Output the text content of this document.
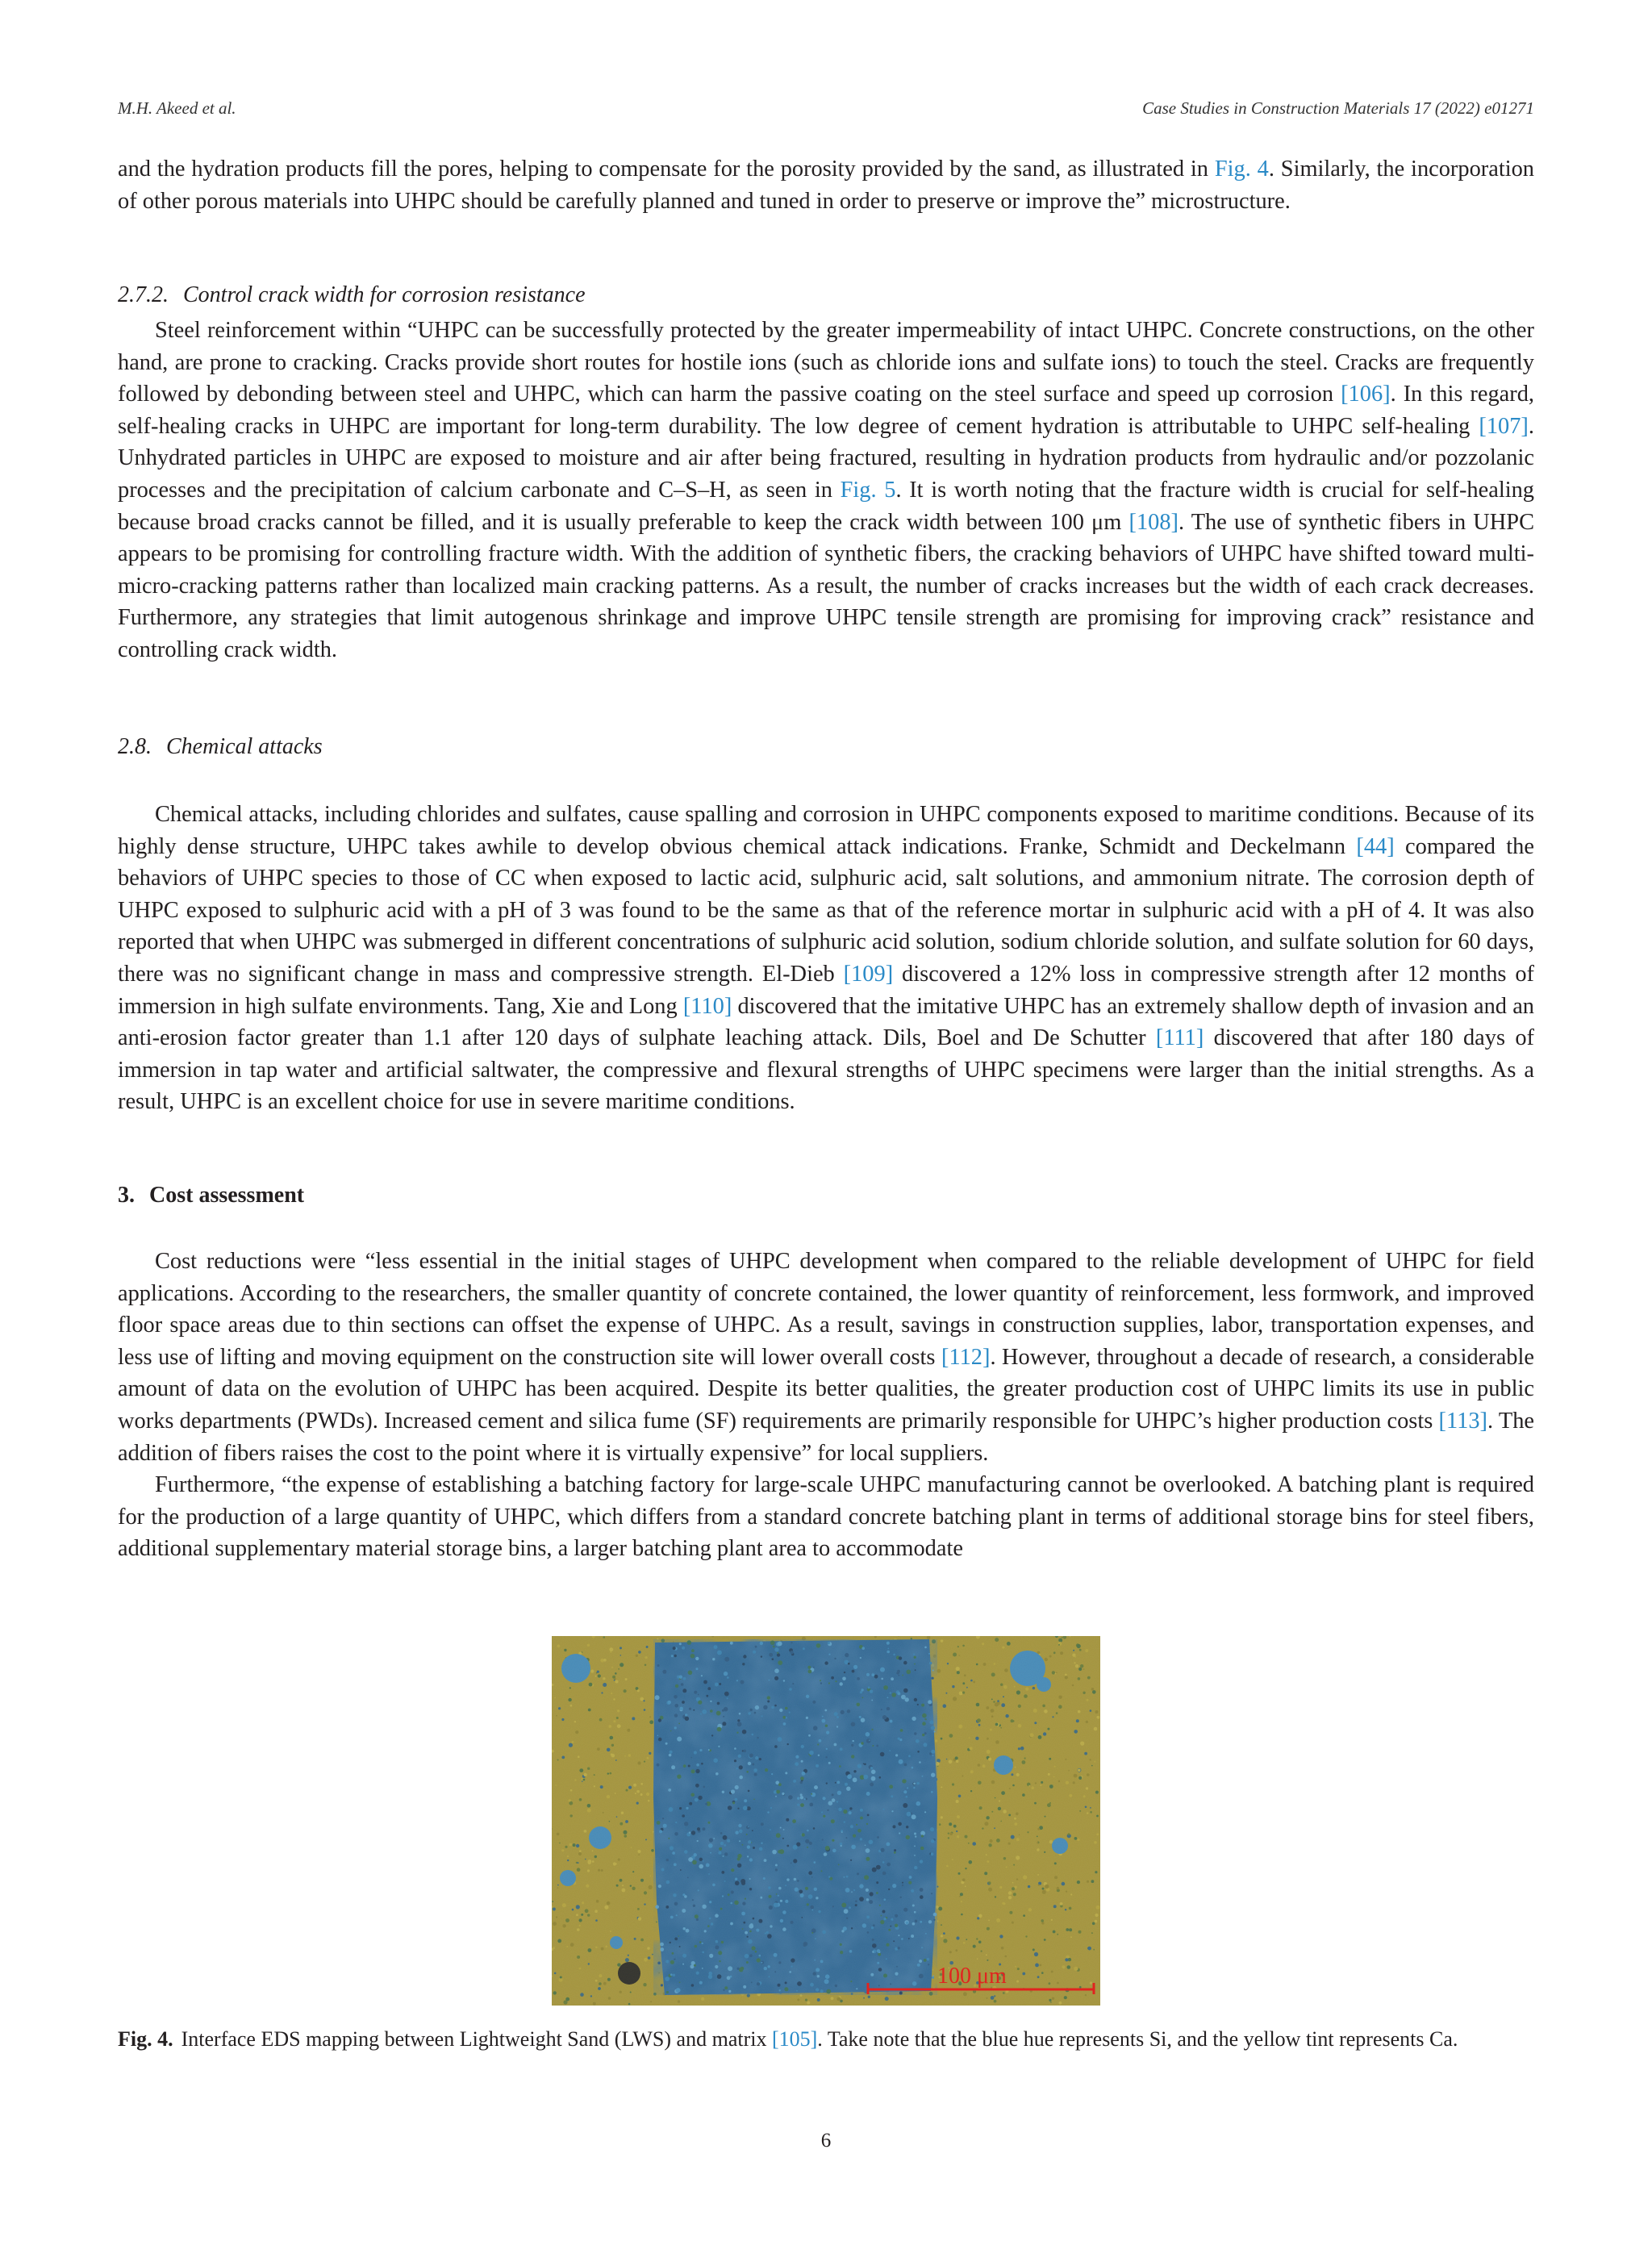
M.H. Akeed et al.	Case Studies in Construction Materials 17 (2022) e01271

and the hydration products fill the pores, helping to compensate for the porosity provided by the sand, as illustrated in Fig. 4. Similarly, the incorporation of other porous materials into UHPC should be carefully planned and tuned in order to preserve or improve the” microstructure.

2.7.2. Control crack width for corrosion resistance

Steel reinforcement within “UHPC can be successfully protected by the greater impermeability of intact UHPC. Concrete constructions, on the other hand, are prone to cracking. Cracks provide short routes for hostile ions (such as chloride ions and sulfate ions) to touch the steel. Cracks are frequently followed by debonding between steel and UHPC, which can harm the passive coating on the steel surface and speed up corrosion [106]. In this regard, self-healing cracks in UHPC are important for long-term durability. The low degree of cement hydration is attributable to UHPC self-healing [107]. Unhydrated particles in UHPC are exposed to moisture and air after being fractured, resulting in hydration products from hydraulic and/or pozzolanic processes and the precipitation of calcium carbonate and C–S–H, as seen in Fig. 5. It is worth noting that the fracture width is crucial for self-healing because broad cracks cannot be filled, and it is usually preferable to keep the crack width between 100 μm [108]. The use of synthetic fibers in UHPC appears to be promising for controlling fracture width. With the addition of synthetic fibers, the cracking behaviors of UHPC have shifted toward multi-micro-cracking patterns rather than localized main cracking patterns. As a result, the number of cracks increases but the width of each crack decreases. Furthermore, any strategies that limit autogenous shrinkage and improve UHPC tensile strength are promising for improving crack” resistance and controlling crack width.

2.8. Chemical attacks

Chemical attacks, including chlorides and sulfates, cause spalling and corrosion in UHPC components exposed to maritime conditions. Because of its highly dense structure, UHPC takes awhile to develop obvious chemical attack indications. Franke, Schmidt and Deckelmann [44] compared the behaviors of UHPC species to those of CC when exposed to lactic acid, sulphuric acid, salt solutions, and ammonium nitrate. The corrosion depth of UHPC exposed to sulphuric acid with a pH of 3 was found to be the same as that of the reference mortar in sulphuric acid with a pH of 4. It was also reported that when UHPC was submerged in different concentrations of sulphuric acid solution, sodium chloride solution, and sulfate solution for 60 days, there was no significant change in mass and compressive strength. El-Dieb [109] discovered a 12% loss in compressive strength after 12 months of immersion in high sulfate environments. Tang, Xie and Long [110] discovered that the imitative UHPC has an extremely shallow depth of invasion and an anti-erosion factor greater than 1.1 after 120 days of sulphate leaching attack. Dils, Boel and De Schutter [111] discovered that after 180 days of immersion in tap water and artificial saltwater, the compressive and flexural strengths of UHPC specimens were larger than the initial strengths. As a result, UHPC is an excellent choice for use in severe maritime conditions.

3. Cost assessment

Cost reductions were “less essential in the initial stages of UHPC development when compared to the reliable development of UHPC for field applications. According to the researchers, the smaller quantity of concrete contained, the lower quantity of reinforcement, less formwork, and improved floor space areas due to thin sections can offset the expense of UHPC. As a result, savings in construction supplies, labor, transportation expenses, and less use of lifting and moving equipment on the construction site will lower overall costs [112]. However, throughout a decade of research, a considerable amount of data on the evolution of UHPC has been acquired. Despite its better qualities, the greater production cost of UHPC limits its use in public works departments (PWDs). Increased cement and silica fume (SF) requirements are primarily responsible for UHPC’s higher production costs [113]. The addition of fibers raises the cost to the point where it is virtually expensive” for local suppliers.

Furthermore, “the expense of establishing a batching factory for large-scale UHPC manufacturing cannot be overlooked. A batching plant is required for the production of a large quantity of UHPC, which differs from a standard concrete batching plant in terms of additional storage bins for steel fibers, additional supplementary material storage bins, a larger batching plant area to accommodate

100 μm
Fig. 4. Interface EDS mapping between Lightweight Sand (LWS) and matrix [105]. Take note that the blue hue represents Si, and the yellow tint represents Ca.
6
